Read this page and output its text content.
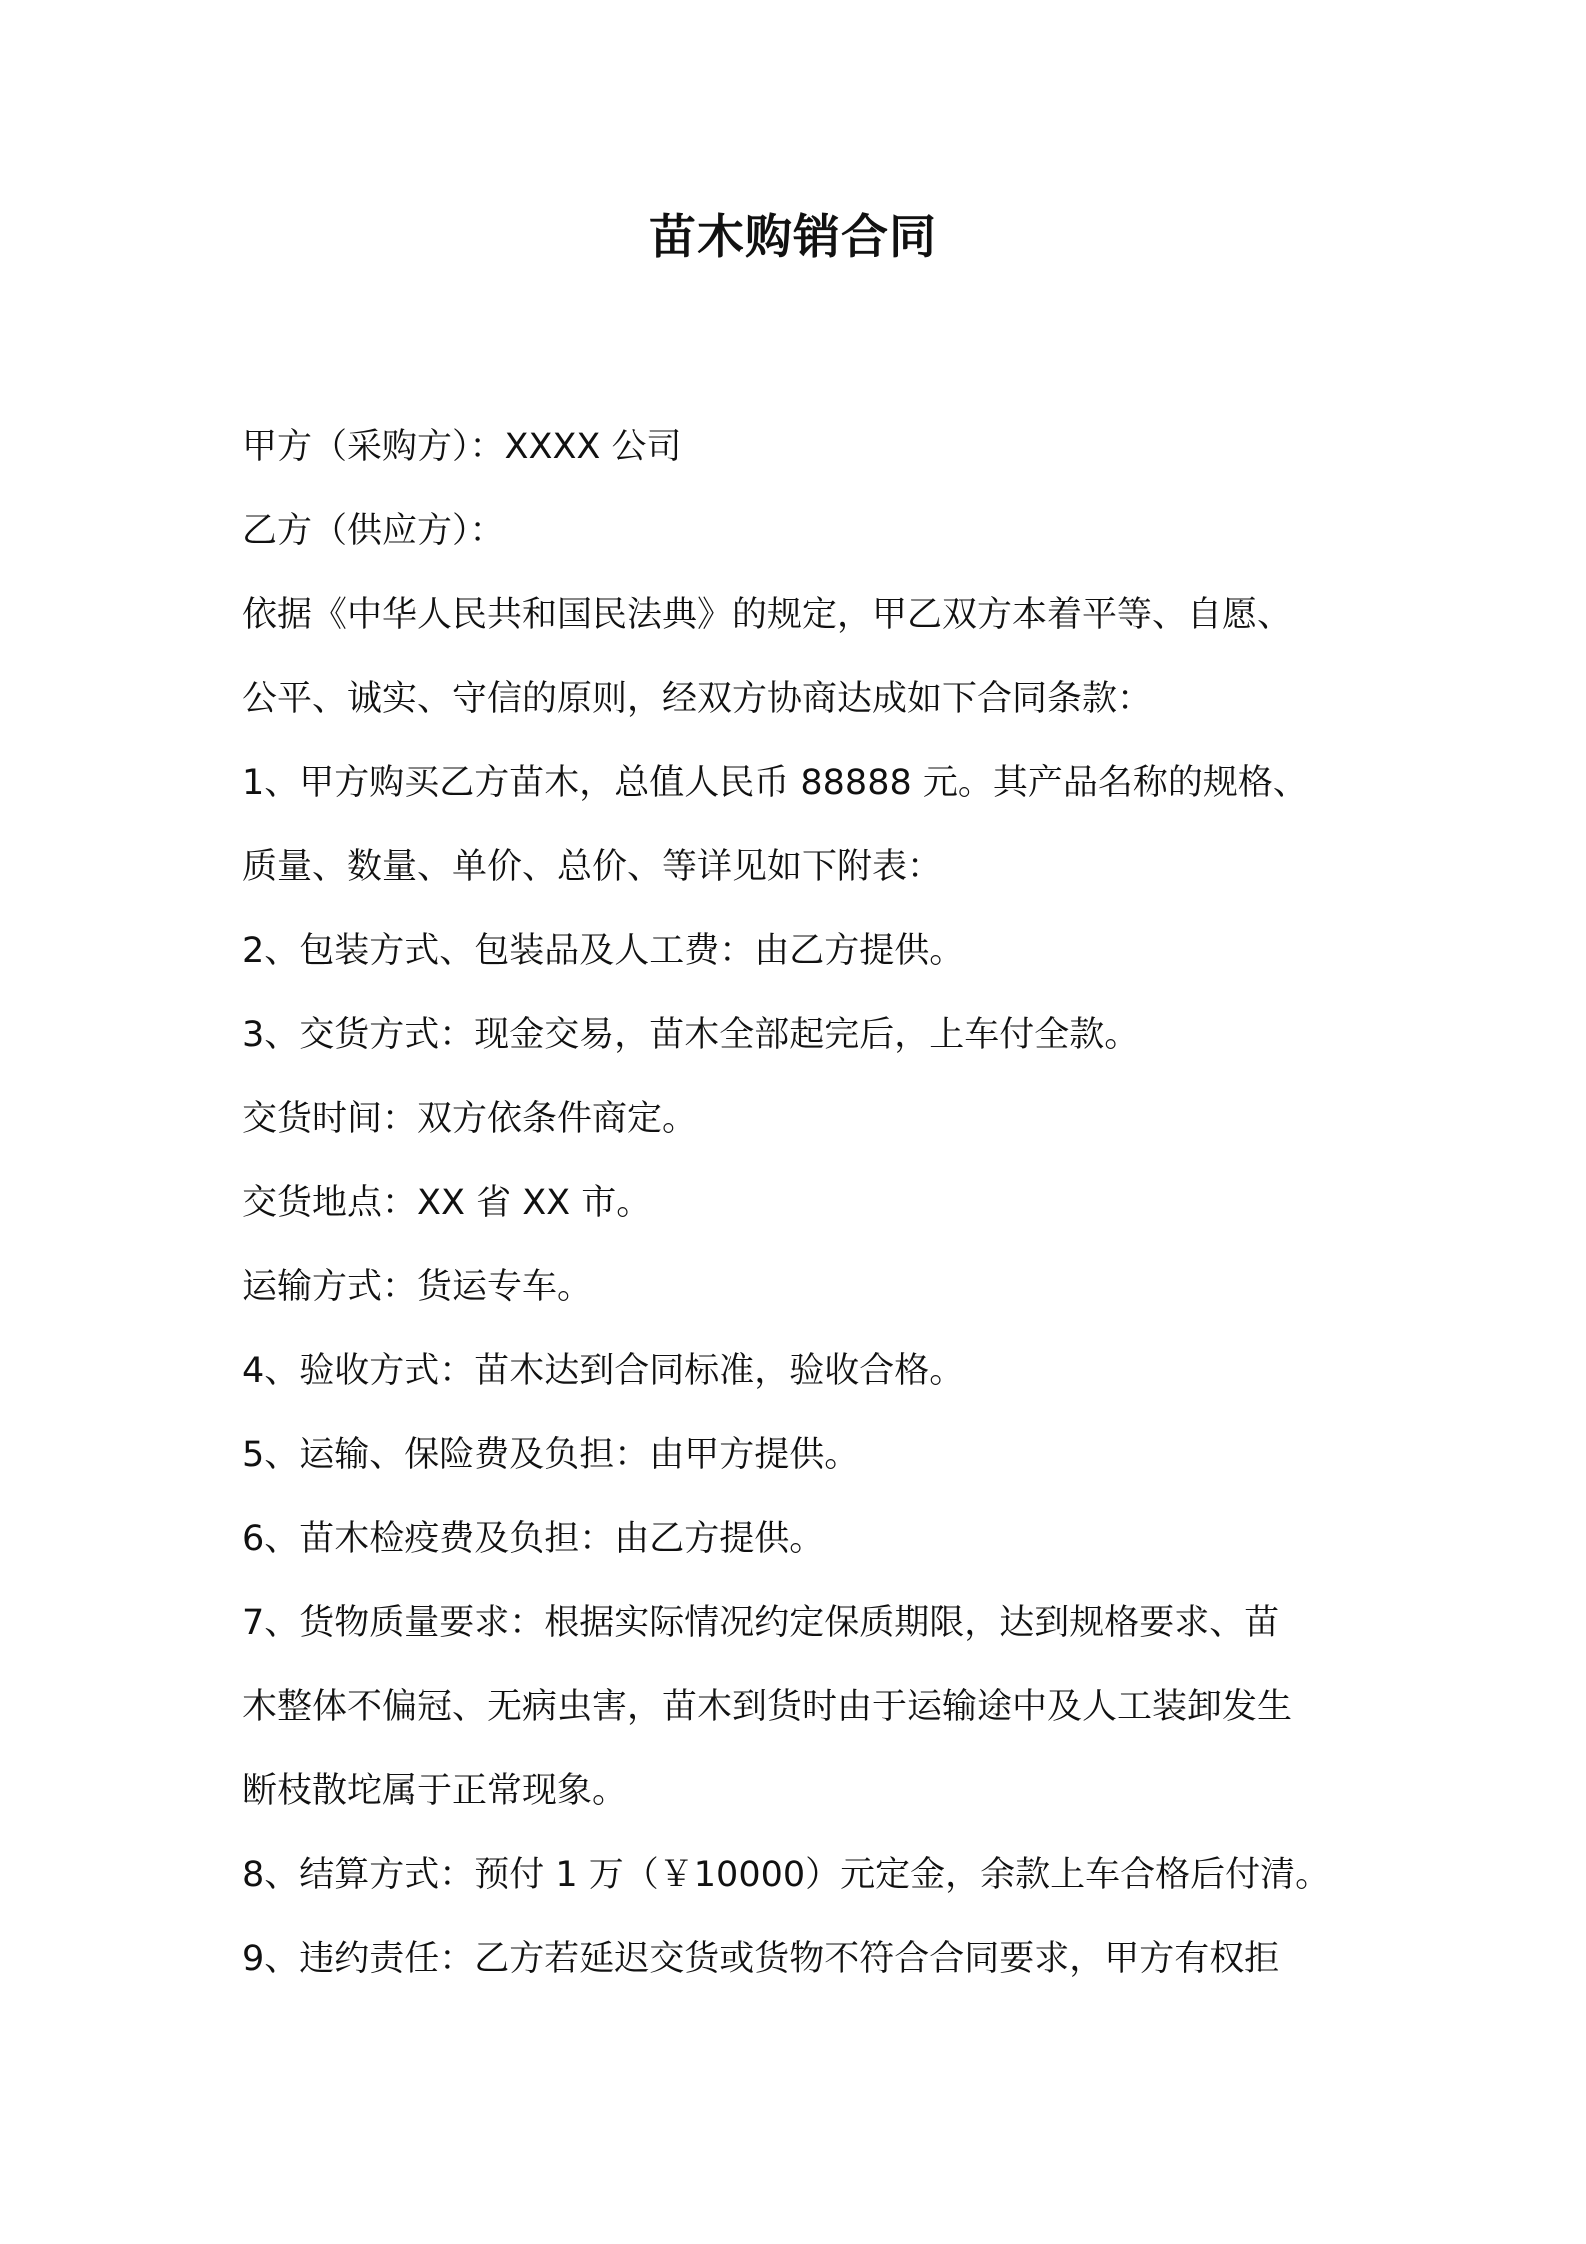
苗木购销合同
甲方（采购方）：XXXX 公司
乙方（供应方）：
依据《中华人民共和国民法典》的规定，甲乙双方本着平等、自愿、
公平、诚实、守信的原则，经双方协商达成如下合同条款：
1、甲方购买乙方苗木，总值人民币 88888 元。其产品名称的规格、
质量、数量、单价、总价、等详见如下附表：
2、包装方式、包装品及人工费：由乙方提供。
3、交货方式：现金交易，苗木全部起完后，上车付全款。
交货时间：双方依条件商定。
交货地点：XX 省 XX 市。
运输方式：货运专车。
4、验收方式：苗木达到合同标准，验收合格。
5、运输、保险费及负担：由甲方提供。
6、苗木检疫费及负担：由乙方提供。
7、货物质量要求：根据实际情况约定保质期限，达到规格要求、苗
木整体不偏冠、无病虫害，苗木到货时由于运输途中及人工装卸发生
断枝散坨属于正常现象。
8、结算方式：预付 1 万（￥10000）元定金，余款上车合格后付清。
9、违约责任：乙方若延迟交货或货物不符合合同要求，甲方有权拒
